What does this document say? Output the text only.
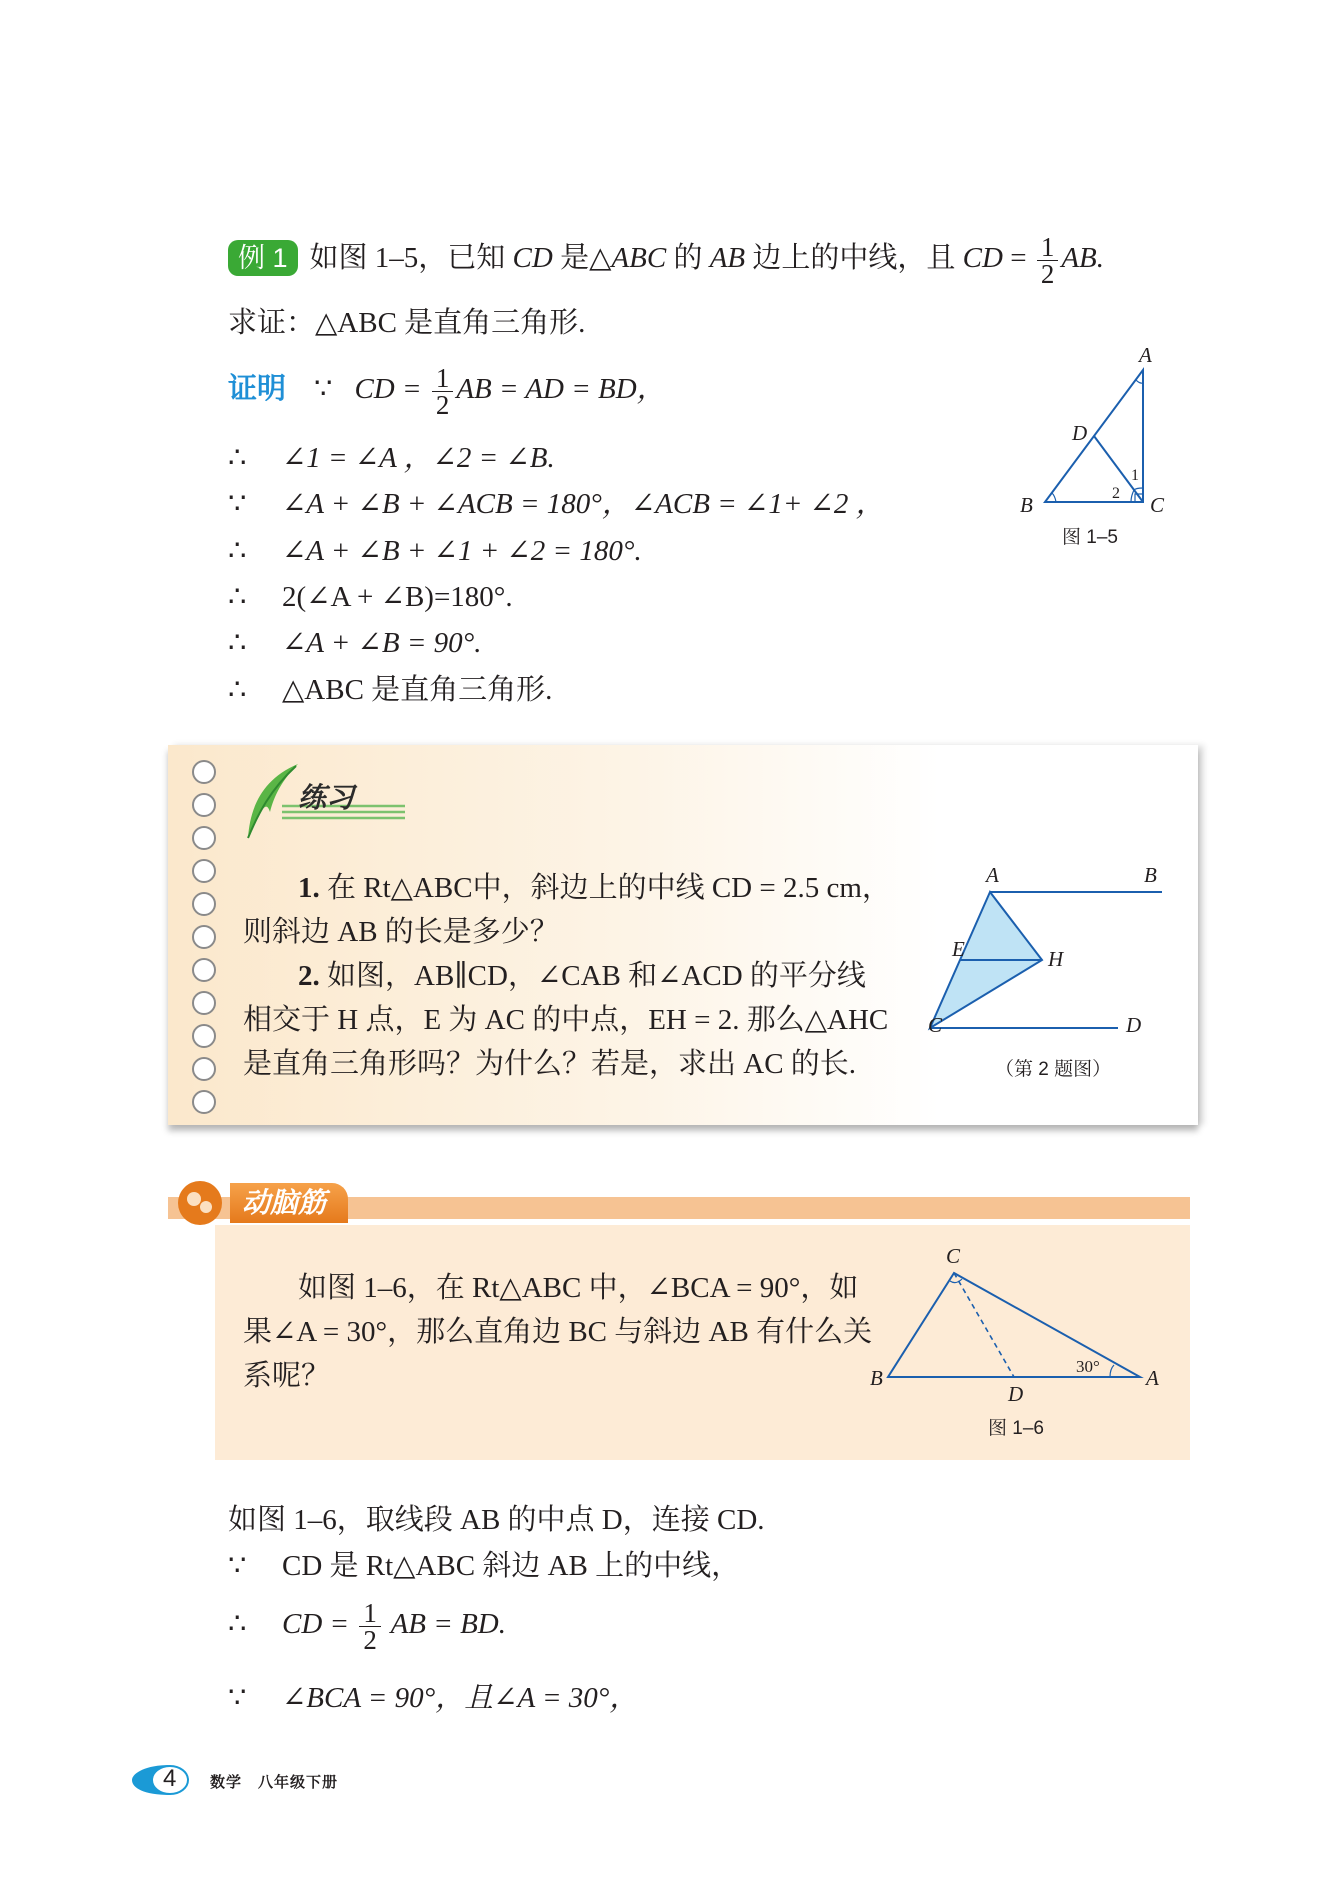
例 1 如图 1–5，已知 CD 是△ABC 的 AB 边上的中线，且 CD = $\frac{1}{2}$ AB.
求证：△ABC 是直角三角形.
证明 ∵ CD = $\frac{1}{2}$ AB = AD = BD，
∴ ∠1 = ∠A ，∠2 = ∠B.
∵ ∠A + ∠B + ∠ACB = 180°，∠ACB = ∠1+ ∠2 ，
∴ ∠A + ∠B + ∠1 + ∠2 = 180°.
∴ 2(∠A + ∠B)=180°.
∴ ∠A + ∠B = 90°.
∴ △ABC 是直角三角形.
A
D
B	C
1
2
图 1–5
练习
1. 在 Rt△ABC中，斜边上的中线 CD = 2.5 cm，
则斜边 AB 的长是多少？
2. 如图，AB∥CD，∠CAB 和∠ACD 的平分线
相交于 H 点，E 为 AC 的中点，EH = 2. 那么△AHC
是直角三角形吗？为什么？若是，求出 AC 的长.
A	B
E	H
C	D
（第 2 题图）
动脑筋
如图 1–6，在 Rt△ABC 中，∠BCA = 90°，如
果∠A = 30°，那么直角边 BC 与斜边 AB 有什么关
系呢？
C
B	A
D
30°
图 1–6
如图 1–6，取线段 AB 的中点 D，连接 CD.
∵ CD 是 Rt△ABC 斜边 AB 上的中线，
∴ CD = $\frac{1}{2}$ AB = BD.
∵ ∠BCA = 90°，且∠A = 30°，
4 数学　八年级下册
